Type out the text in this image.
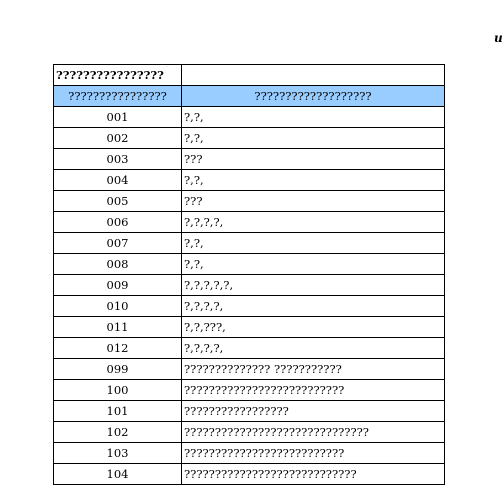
u
????????????????	
????????????????	???????????????????
001	?,?,
002	?,?,
003	???
004	?,?,
005	???
006	?,?,?,?,
007	?,?,
008	?,?,
009	?,?,?,?,?,
010	?,?,?,?,
011	?,?,???,
012	?,?,?,?,
099	?????????????? ???????????
100	??????????????????????????
101	?????????????????
102	??????????????????????????????
103	??????????????????????????
104	????????????????????????????
